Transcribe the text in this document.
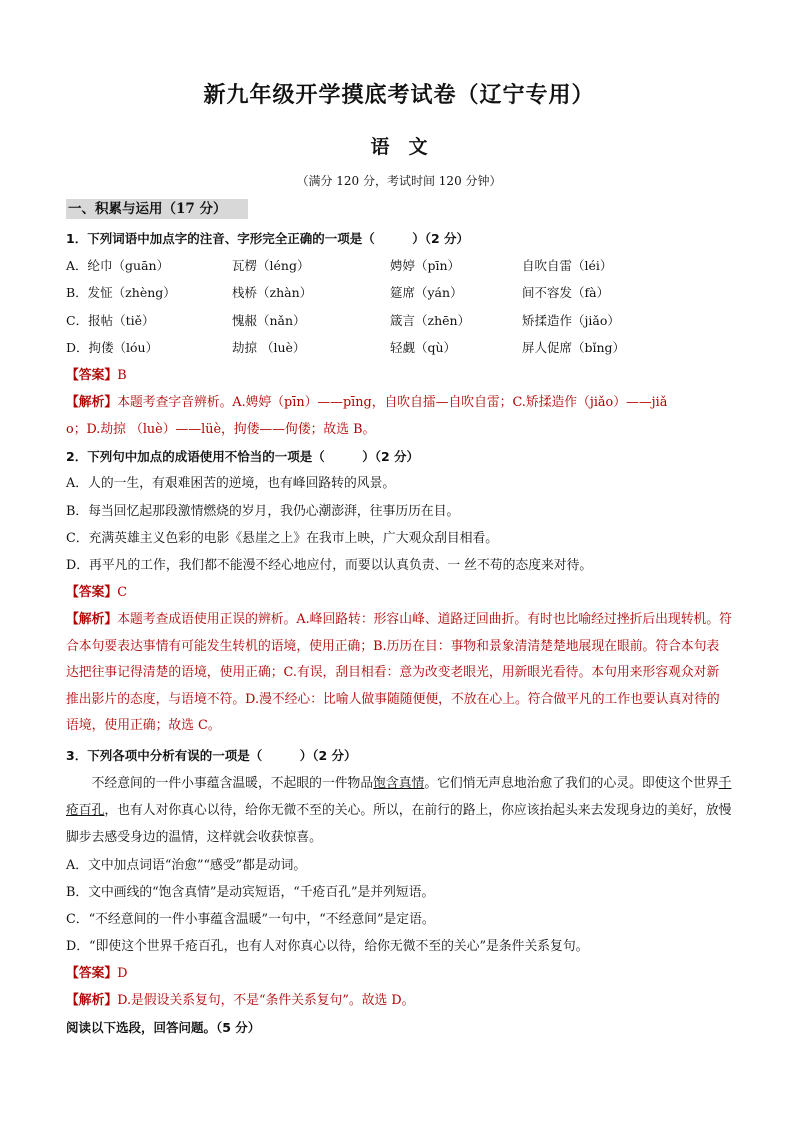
新九年级开学摸底考试卷（辽宁专用）
语　文
（满分 120 分，考试时间 120 分钟）
一、积累与运用（17 分）
1．下列词语中加点字的注音、字形完全正确的一项是（　　　）（2 分）
A．纶巾（guān）	瓦楞（léng）	娉婷（pīn）	自吹自雷（léi）
B．发怔（zhèng）	栈桥（zhàn）	筵席（yán）	间不容发（fà）
C．报帖（tiě）	愧赧（nǎn）	箴言（zhēn）	矫揉造作（jiǎo）
D．拘偻（lóu）	劫掠 （luè）	轻觑（qù）	屏人促席（bǐng）
【答案】B
【解析】本题考查字音辨析。A.娉婷（pīn）——pīng，自吹自擂—自吹自雷；C.矫揉造作（jiǎo）——jiǎ
o；D.劫掠 （luè）——lüè，拘偻——佝偻；故选 B。
2．下列句中加点的成语使用不恰当的一项是（　　　）（2 分）
A．人的一生，有艰难困苦的逆境，也有峰回路转的风景。
B．每当回忆起那段激情燃烧的岁月，我仍心潮澎湃，往事历历在目。
C．充满英雄主义色彩的电影《悬崖之上》在我市上映，广大观众刮目相看。
D．再平凡的工作，我们都不能漫不经心地应付，而要以认真负责、一 丝不苟的态度来对待。
【答案】C
【解析】本题考查成语使用正误的辨析。A.峰回路转：形容山峰、道路迂回曲折。有时也比喻经过挫折后出现转机。符合本句要表达事情有可能发生转机的语境，使用正确；B.历历在目：事物和景象清清楚楚地展现在眼前。符合本句表达把往事记得清楚的语境，使用正确；C.有误，刮目相看：意为改变老眼光，用新眼光看待。本句用来形容观众对新推出影片的态度，与语境不符。D.漫不经心：比喻人做事随随便便，不放在心上。符合做平凡的工作也要认真对待的语境，使用正确；故选 C。
3．下列各项中分析有误的一项是（　　　）（2 分）
不经意间的一件小事蕴含温暖，不起眼的一件物品饱含真情。它们悄无声息地治愈了我们的心灵。即使这个世界千疮百孔，也有人对你真心以待，给你无微不至的关心。所以，在前行的路上，你应该抬起头来去发现身边的美好，放慢脚步去感受身边的温情，这样就会收获惊喜。
A．文中加点词语“治愈”“感受”都是动词。
B．文中画线的“饱含真情”是动宾短语，“千疮百孔”是并列短语。
C．“不经意间的一件小事蕴含温暖”一句中，“不经意间”是定语。
D．“即使这个世界千疮百孔，也有人对你真心以待，给你无微不至的关心”是条件关系复句。
【答案】D
【解析】D.是假设关系复句，不是“条件关系复句”。故选 D。
阅读以下选段，回答问题。（5 分）
